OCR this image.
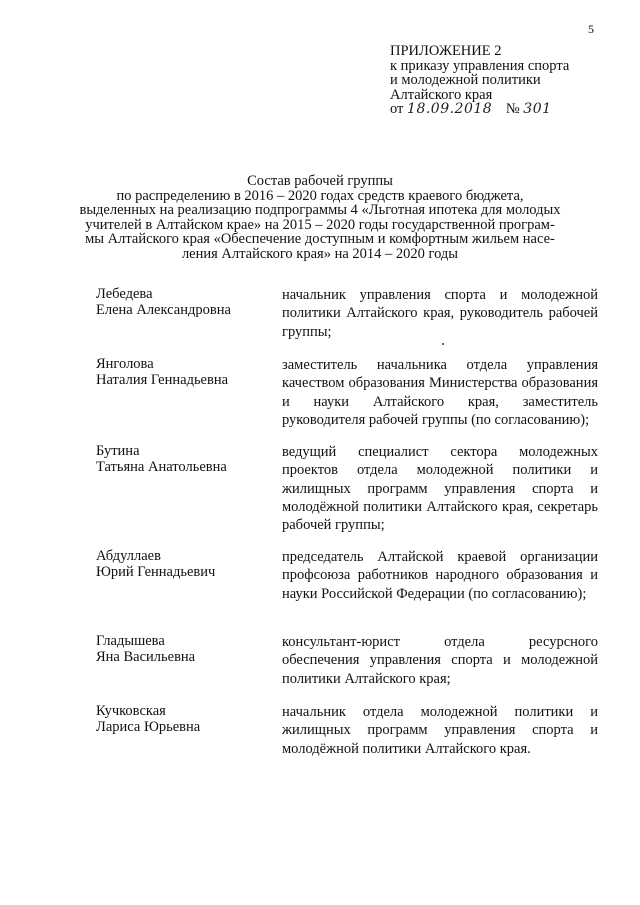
5
ПРИЛОЖЕНИЕ 2
к приказу управления спорта
и молодежной политики
Алтайского края
от 18.09.2018 № 301
Состав рабочей группы
по распределению в 2016 – 2020 годах средств краевого бюджета,
выделенных на реализацию подпрограммы 4 «Льготная ипотека для молодых
учителей в Алтайском крае» на 2015 – 2020 годы государственной програм-
мы Алтайского края «Обеспечение доступным и комфортным жильем насе-
ления Алтайского края» на 2014 – 2020 годы
Лебедева
Елена Александровна
начальник управления спорта и молодежной политики Алтайского края, руководитель рабочей группы;
Янголова
Наталия Геннадьевна
заместитель начальника отдела управления качеством образования Министерства образования и науки Алтайского края, заместитель руководителя рабочей группы (по согласованию);
Бутина
Татьяна Анатольевна
ведущий специалист сектора молодежных проектов отдела молодежной политики и жилищных программ управления спорта и молодёжной политики Алтайского края, секретарь рабочей группы;
Абдуллаев
Юрий Геннадьевич
председатель Алтайской краевой организации профсоюза работников народного образования и науки Российской Федерации (по согласованию);
Гладышева
Яна Васильевна
консультант-юрист отдела ресурсного обеспечения управления спорта и молодежной политики Алтайского края;
Кучковская
Лариса Юрьевна
начальник отдела молодежной политики и жилищных программ управления спорта и молодёжной политики Алтайского края.
